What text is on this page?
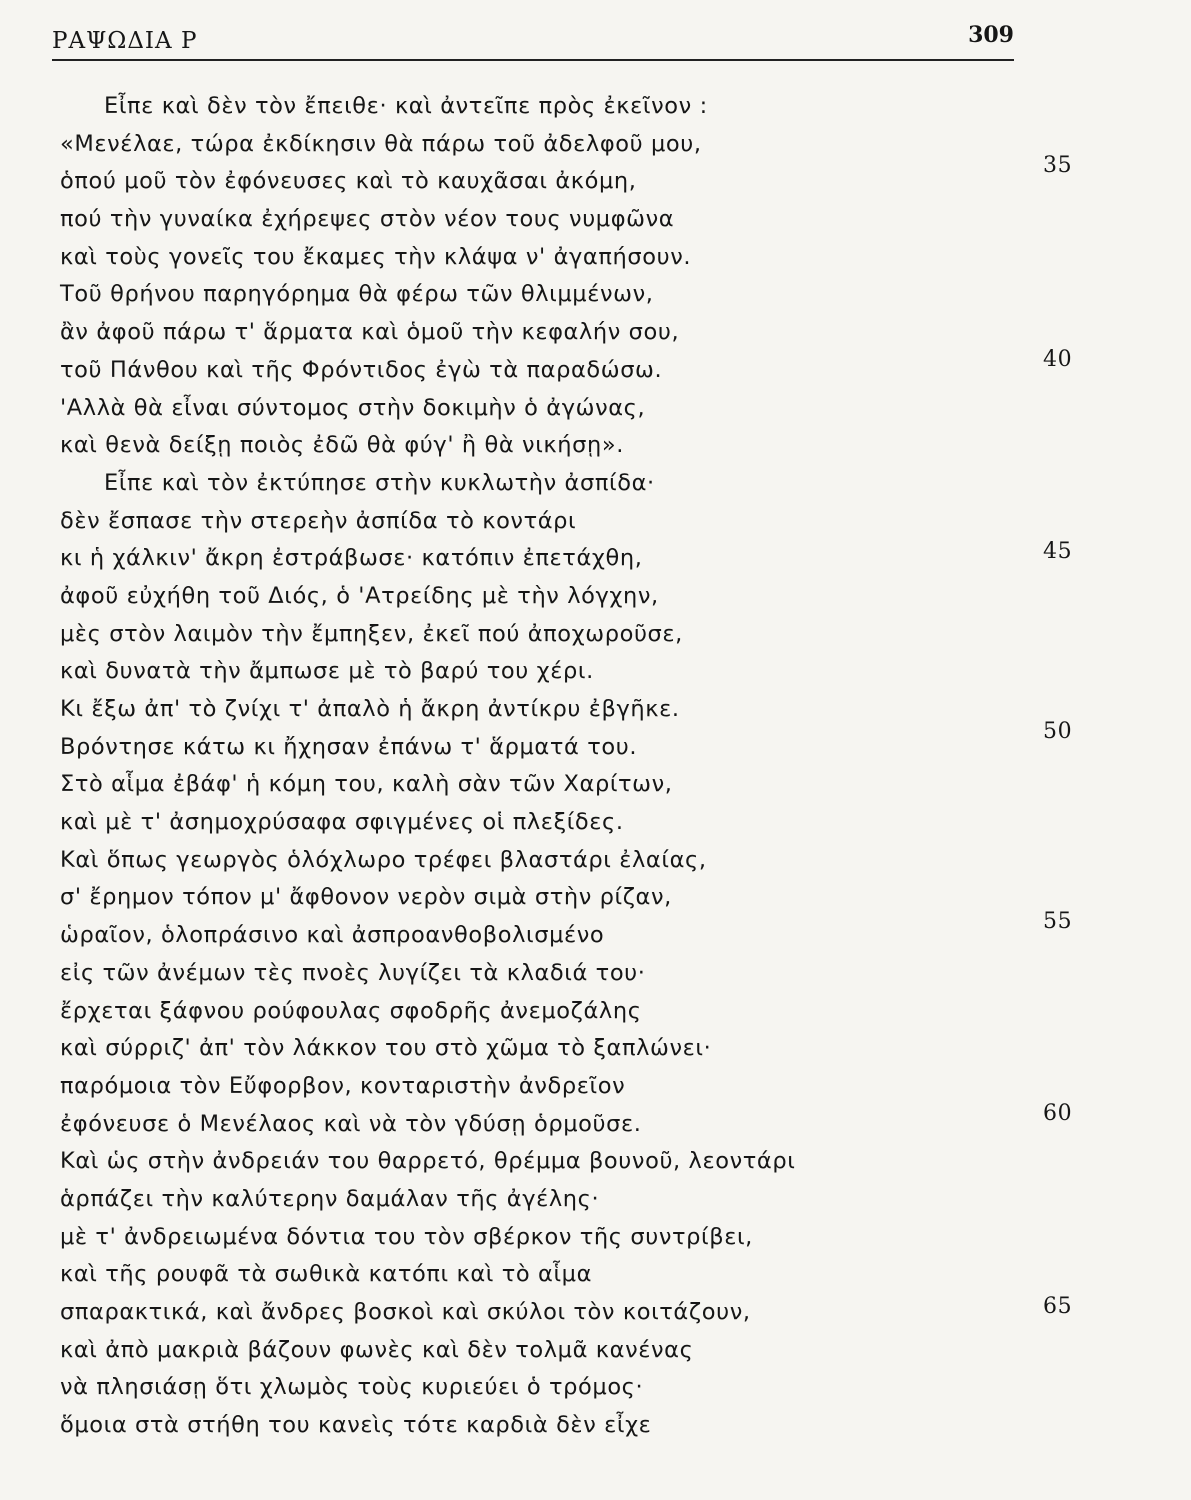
ΡΑΨΩΔΙΑ Ρ	309
Εἶπε καὶ δὲν τὸν ἔπειθε· καὶ ἀντεῖπε πρὸς ἐκεῖνον :
«Μενέλαε, τώρα ἐκδίκησιν θὰ πάρω τοῦ ἀδελφοῦ μου,
ὁπού μοῦ τὸν ἐφόνευσες καὶ τὸ καυχᾶσαι ἀκόμη,
35
πού τὴν γυναίκα ἐχήρεψες στὸν νέον τους νυμφῶνα
καὶ τοὺς γονεῖς του ἔκαμες τὴν κλάψα ν' ἀγαπήσουν.
Τοῦ θρήνου παρηγόρημα θὰ φέρω τῶν θλιμμένων,
ἂν ἀφοῦ πάρω τ' ἅρματα καὶ ὁμοῦ τὴν κεφαλήν σου,
τοῦ Πάνθου καὶ τῆς Φρόντιδος ἐγὼ τὰ παραδώσω.	40
'Αλλὰ θὰ εἶναι σύντομος στὴν δοκιμὴν ὁ ἀγώνας,
καὶ θενὰ δείξῃ ποιὸς ἐδῶ θὰ φύγ' ἢ θὰ νικήσῃ».
Εἶπε καὶ τὸν ἐκτύπησε στὴν κυκλωτὴν ἀσπίδα·
δὲν ἔσπασε τὴν στερεὴν ἀσπίδα τὸ κοντάρι
κι ἡ χάλκιν' ἄκρη ἐστράβωσε· κατόπιν ἐπετάχθη,	45
ἀφοῦ εὐχήθη τοῦ Διός, ὁ 'Ατρείδης μὲ τὴν λόγχην,
μὲς στὸν λαιμὸν τὴν ἔμπηξεν, ἐκεῖ πού ἀποχωροῦσε,
καὶ δυνατὰ τὴν ἄμπωσε μὲ τὸ βαρύ του χέρι.
Κι ἔξω ἀπ' τὸ ζνίχι τ' ἀπαλὸ ἡ ἄκρη ἀντίκρυ ἐβγῆκε.
Βρόντησε κάτω κι ἤχησαν ἐπάνω τ' ἅρματά του.
50
Στὸ αἷμα ἐβάφ' ἡ κόμη του, καλὴ σὰν τῶν Χαρίτων,
καὶ μὲ τ' ἀσημοχρύσαφα σφιγμένες οἱ πλεξίδες.
Καὶ ὅπως γεωργὸς ὁλόχλωρο τρέφει βλαστάρι ἐλαίας,
σ' ἔρημον τόπον μ' ἄφθονον νερὸν σιμὰ στὴν ρίζαν,
ὡραῖον, ὁλοπράσινο καὶ ἀσπροανθοβολισμένο
55
εἰς τῶν ἀνέμων τὲς πνοὲς λυγίζει τὰ κλαδιά του·
ἔρχεται ξάφνου ρούφουλας σφοδρῆς ἀνεμοζάλης
καὶ σύρριζ' ἀπ' τὸν λάκκον του στὸ χῶμα τὸ ξαπλώνει·
παρόμοια τὸν Εὔφορβον, κονταριστὴν ἀνδρεῖον
ἐφόνευσε ὁ Μενέλαος καὶ νὰ τὸν γδύσῃ ὁρμοῦσε.	60
Καὶ ὡς στὴν ἀνδρειάν του θαρρετό, θρέμμα βουνοῦ, λεοντάρι
ἁρπάζει τὴν καλύτερην δαμάλαν τῆς ἀγέλης·
μὲ τ' ἀνδρειωμένα δόντια του τὸν σβέρκον τῆς συντρίβει,
καὶ τῆς ρουφᾶ τὰ σωθικὰ κατόπι καὶ τὸ αἷμα
σπαρακτικά, καὶ ἄνδρες βοσκοὶ καὶ σκύλοι τὸν κοιτάζουν,	65
καὶ ἀπὸ μακριὰ βάζουν φωνὲς καὶ δὲν τολμᾶ κανένας
νὰ πλησιάσῃ ὅτι χλωμὸς τοὺς κυριεύει ὁ τρόμος·
ὅμοια στὰ στήθη του κανεὶς τότε καρδιὰ δὲν εἶχε
